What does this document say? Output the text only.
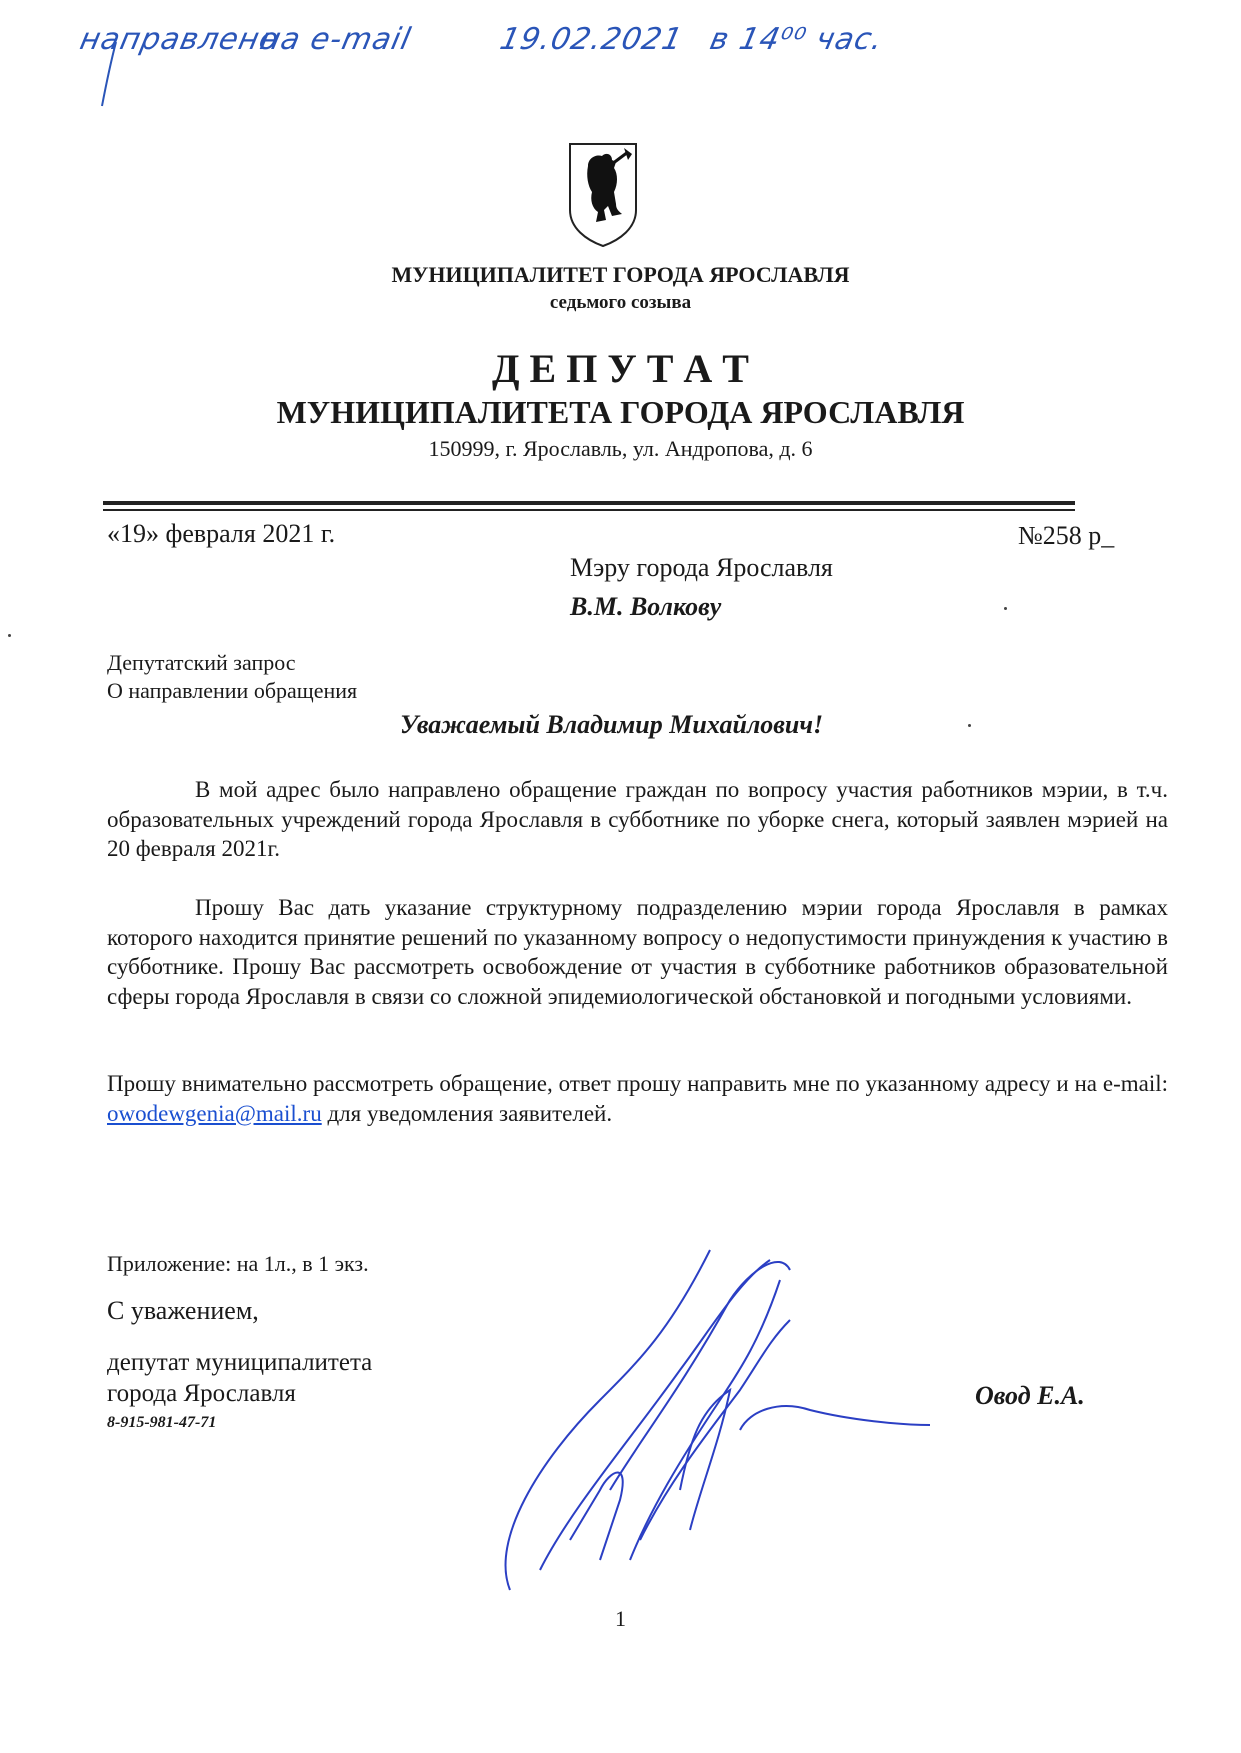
направлено
на e-mail	19.02.2021 в 14⁰⁰ час.
МУНИЦИПАЛИТЕТ ГОРОДА ЯРОСЛАВЛЯ
седьмого созыва
Д Е П У Т А Т
МУНИЦИПАЛИТЕТА ГОРОДА ЯРОСЛАВЛЯ
150999, г. Ярославль, ул. Андропова, д. 6
«19» февраля 2021 г.	№258 р_
Мэру города Ярославля
В.М. Волкову
Депутатский запрос
О направлении обращения
Уважаемый Владимир Михайлович!
В мой адрес было направлено обращение граждан по вопросу участия работников мэрии, в т.ч. образовательных учреждений города Ярославля в субботнике по уборке снега, который заявлен мэрией на 20 февраля 2021г.
Прошу Вас дать указание структурному подразделению мэрии города Ярославля в рамках которого находится принятие решений по указанному вопросу о недопустимости принуждения к участию в субботнике. Прошу Вас рассмотреть освобождение от участия в субботнике работников образовательной сферы города Ярославля в связи со сложной эпидемиологической обстановкой и погодными условиями.
Прошу внимательно рассмотреть обращение, ответ прошу направить мне по указанному адресу и на e-mail: owodewgenia@mail.ru для уведомления заявителей.
Приложение: на 1л., в 1 экз.
С уважением,
депутат муниципалитета
города Ярославля
8-915-981-47-71
Овод Е.А.
1
